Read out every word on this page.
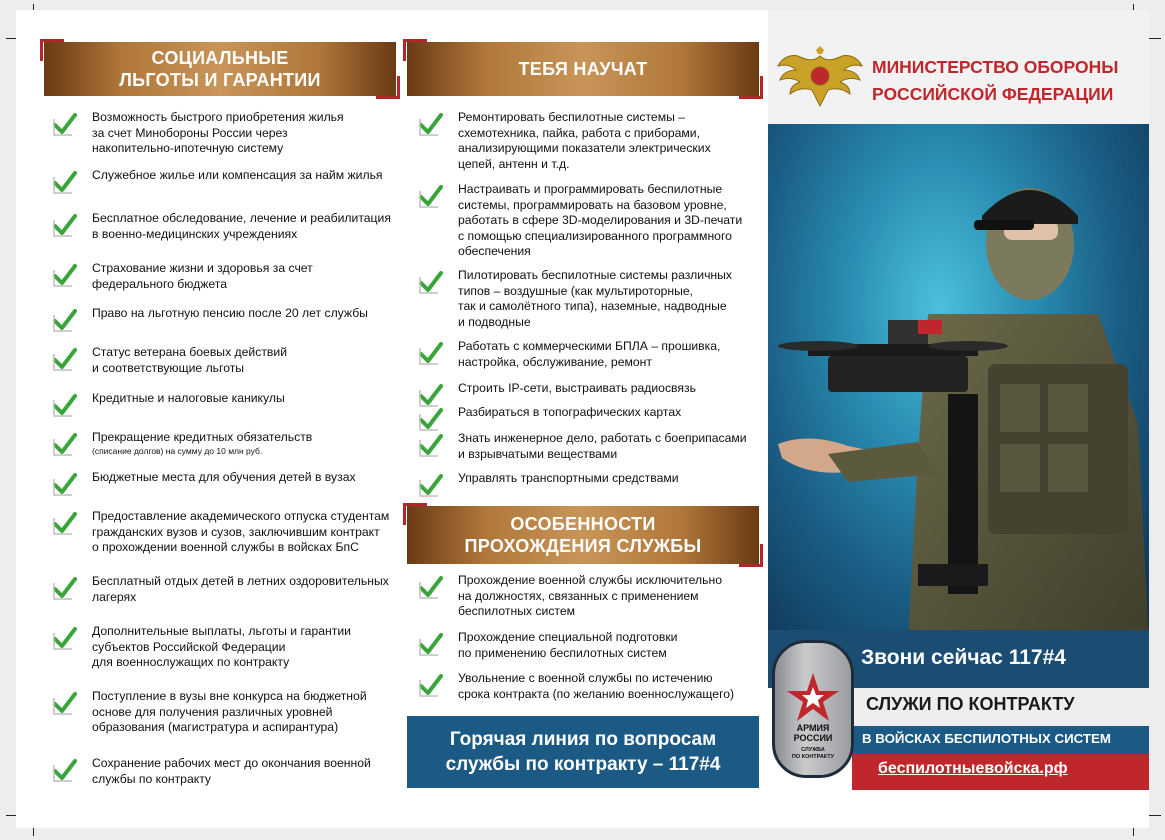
СОЦИАЛЬНЫЕ
ЛЬГОТЫ И ГАРАНТИИ
Возможность быстрого приобретения жилья
за счет Минобороны России через
накопительно-ипотечную систему
Служебное жилье или компенсация за найм жилья
Бесплатное обследование, лечение и реабилитация
в военно-медицинских учреждениях
Страхование жизни и здоровья за счет
федерального бюджета
Право на льготную пенсию после 20 лет службы
Статус ветерана боевых действий
и соответствующие льготы
Кредитные и налоговые каникулы
Прекращение кредитных обязательств
(списание долгов) на сумму до 10 млн руб.
Бюджетные места для обучения детей в вузах
Предоставление академического отпуска студентам
гражданских вузов и сузов, заключившим контракт
о прохождении военной службы в войсках БпС
Бесплатный отдых детей в летних оздоровительных
лагерях
Дополнительные выплаты, льготы и гарантии
субъектов Российской Федерации
для военнослужащих по контракту
Поступление в вузы вне конкурса на бюджетной
основе для получения различных уровней
образования (магистратура и аспирантура)
Сохранение рабочих мест до окончания военной
службы по контракту
ТЕБЯ НАУЧАТ
Ремонтировать беспилотные системы –
схемотехника, пайка, работа с приборами,
анализирующими показатели электрических
цепей, антенн и т.д.
Настраивать и программировать беспилотные
системы, программировать на базовом уровне,
работать в сфере 3D-моделирования и 3D-печати
с помощью специализированного программного
обеспечения
Пилотировать беспилотные системы различных
типов – воздушные (как мультироторные,
так и самолётного типа), наземные, надводные
и подводные
Работать с коммерческими БПЛА – прошивка,
настройка, обслуживание, ремонт
Строить IP-сети, выстраивать радиосвязь
Разбираться в топографических картах
Знать инженерное дело, работать с боеприпасами
и взрывчатыми веществами
Управлять транспортными средствами
ОСОБЕННОСТИ
ПРОХОЖДЕНИЯ СЛУЖБЫ
Прохождение военной службы исключительно
на должностях, связанных с применением
беспилотных систем
Прохождение специальной подготовки
по применению беспилотных систем
Увольнение с военной службы по истечению
срока контракта (по желанию военнослужащего)
Горячая линия по вопросам
службы по контракту – 117#4
МИНИСТЕРСТВО ОБОРОНЫ
РОССИЙСКОЙ ФЕДЕРАЦИИ
Звони сейчас 117#4
СЛУЖИ ПО КОНТРАКТУ
В ВОЙСКАХ БЕСПИЛОТНЫХ СИСТЕМ
беспилотныевойска.рф
АРМИЯ
РОССИИ
СЛУЖБА
ПО КОНТРАКТУ
